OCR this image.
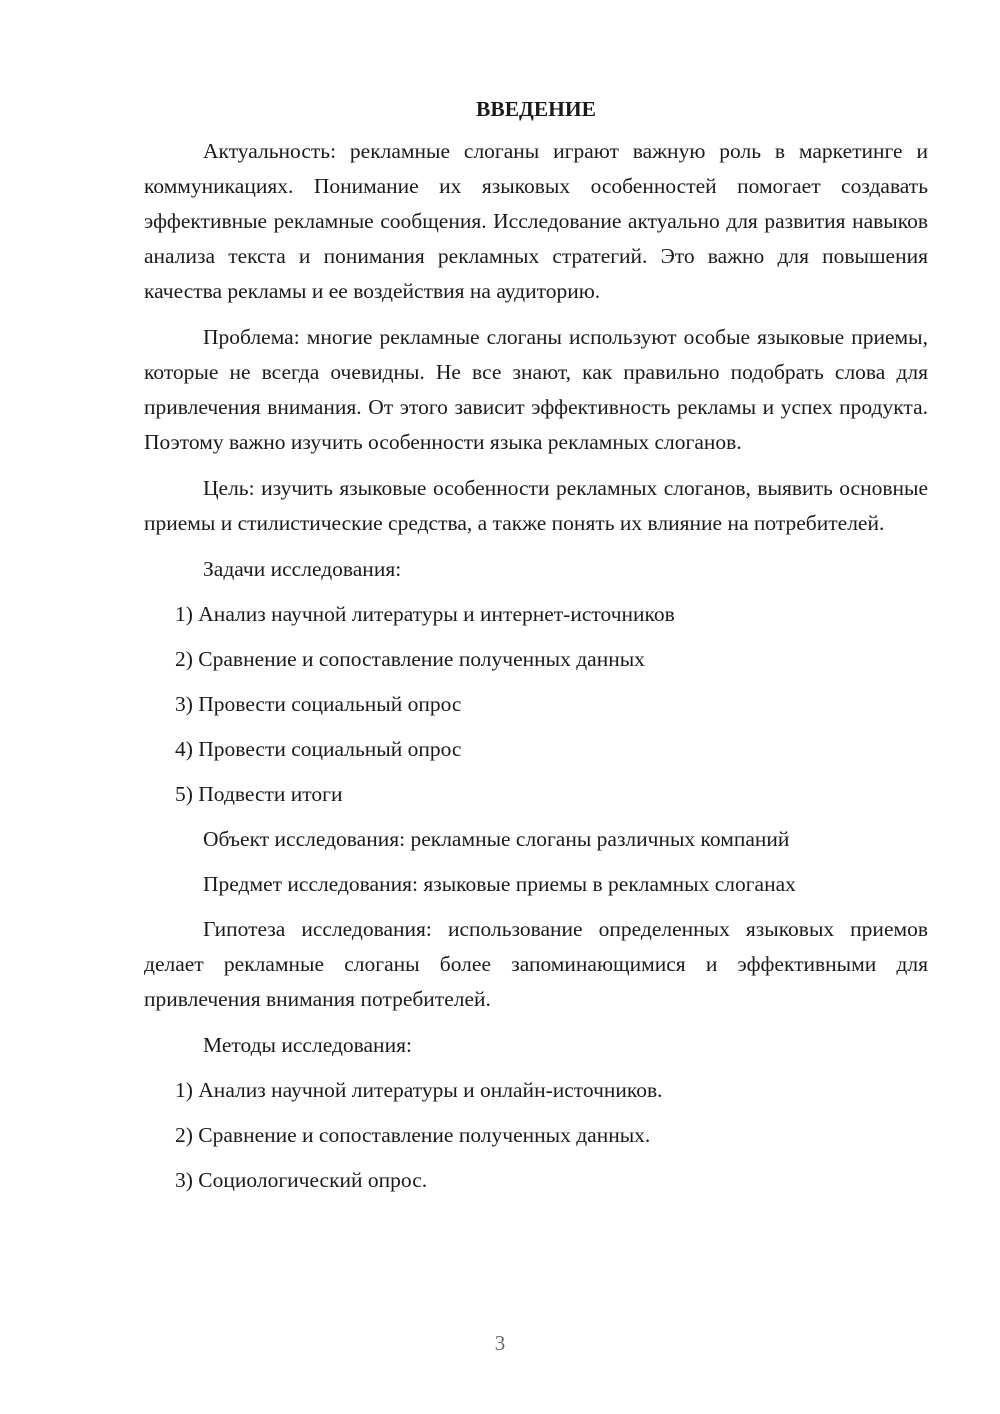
ВВЕДЕНИЕ

Актуальность: рекламные слоганы играют важную роль в маркетинге и коммуникациях. Понимание их языковых особенностей помогает создавать эффективные рекламные сообщения. Исследование актуально для развития навыков анализа текста и понимания рекламных стратегий. Это важно для повышения качества рекламы и ее воздействия на аудиторию.

Проблема: многие рекламные слоганы используют особые языковые приемы, которые не всегда очевидны. Не все знают, как правильно подобрать слова для привлечения внимания. От этого зависит эффективность рекламы и успех продукта. Поэтому важно изучить особенности языка рекламных слоганов.

Цель: изучить языковые особенности рекламных слоганов, выявить основные приемы и стилистические средства, а также понять их влияние на потребителей.

Задачи исследования:

1) Анализ научной литературы и интернет-источников
2) Сравнение и сопоставление полученных данных
3) Провести социальный опрос
4) Провести социальный опрос
5) Подвести итоги

Объект исследования: рекламные слоганы различных компаний

Предмет исследования: языковые приемы в рекламных слоганах

Гипотеза исследования: использование определенных языковых приемов делает рекламные слоганы более запоминающимися и эффективными для привлечения внимания потребителей.

Методы исследования:

1) Анализ научной литературы и онлайн-источников.
2) Сравнение и сопоставление полученных данных.
3) Социологический опрос.
3
